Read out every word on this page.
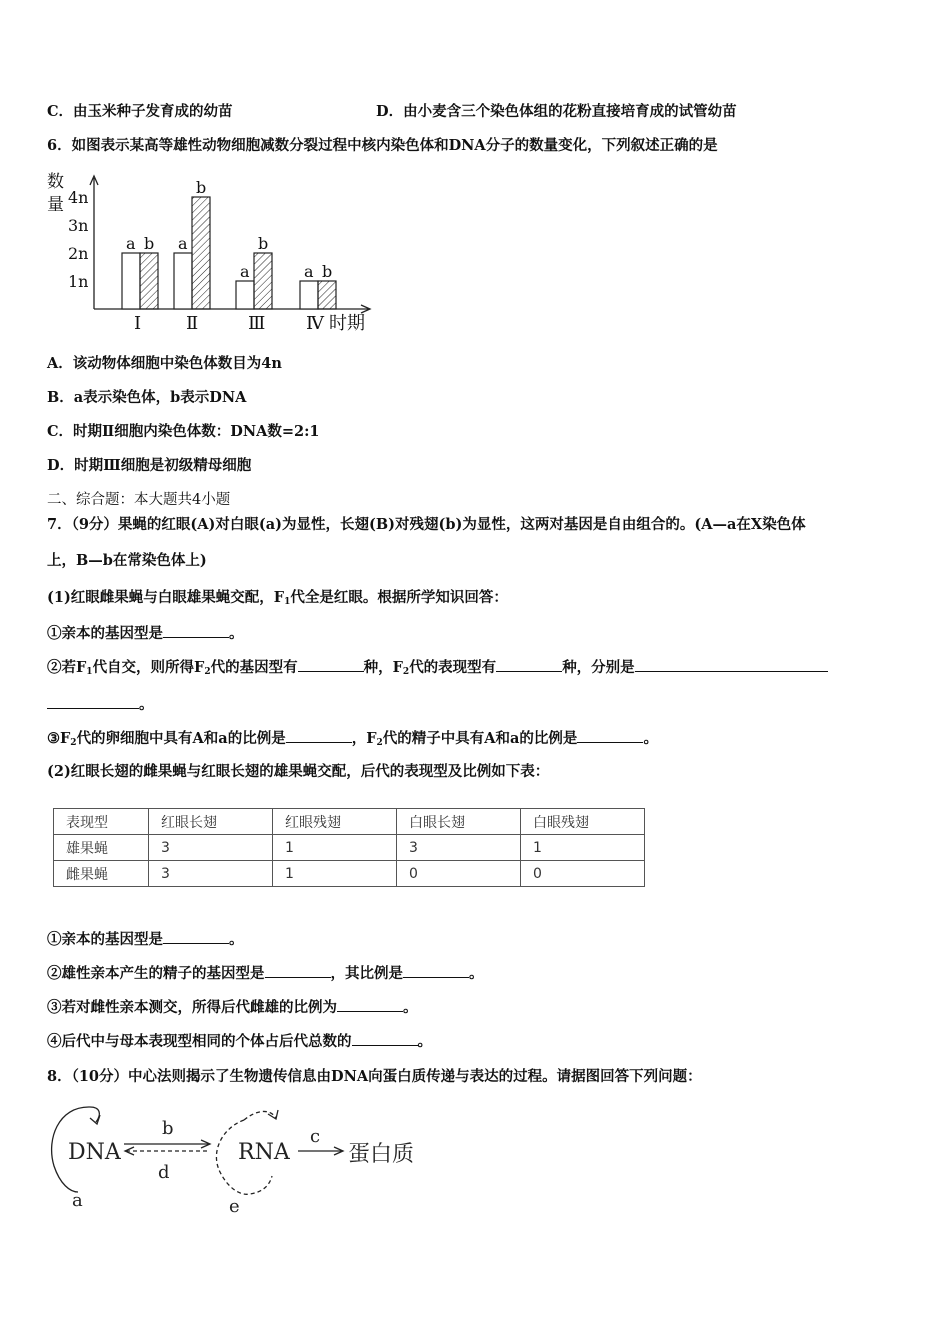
C．由玉米种子发育成的幼苗	D．由小麦含三个染色体组的花粉直接培育成的试管幼苗
6．如图表示某高等雄性动物细胞减数分裂过程中核内染色体和DNA分子的数量变化，下列叙述正确的是
数
量
1n
2n
3n
4n
a b
Ⅰ
a
b
Ⅱ
a
b
Ⅲ
a b
Ⅳ 时期
A．该动物体细胞中染色体数目为4n
B．a表示染色体，b表示DNA
C．时期Ⅱ细胞内染色体数：DNA数=2:1
D．时期Ⅲ细胞是初级精母细胞
二、综合题：本大题共4小题
7．（9分）果蝇的红眼(A)对白眼(a)为显性，长翅(B)对残翅(b)为显性，这两对基因是自由组合的。(A—a在X染色体
上，B—b在常染色体上)
(1)红眼雌果蝇与白眼雄果蝇交配，$F_1$代全是红眼。根据所学知识回答：
①亲本的基因型是	。
②若$F_1$代自交，则所得$F_2$代的基因型有	种，$F_2$代的表现型有	种，分别是
。
$③F_2$代的卵细胞中具有A和a的比例是	，$F_2$代的精子中具有A和a的比例是	。
(2)红眼长翅的雌果蝇与红眼长翅的雄果蝇交配，后代的表现型及比例如下表：
表现型	红眼长翅	红眼残翅	白眼长翅	白眼残翅
雄果蝇	3	1	3	1
雌果蝇	3	1	0	0
①亲本的基因型是	。
②雄性亲本产生的精子的基因型是	，其比例是	。
③若对雌性亲本测交，所得后代雌雄的比例为	。
④后代中与母本表现型相同的个体占后代总数的	。
8．（10分）中心法则揭示了生物遗传信息由DNA向蛋白质传递与表达的过程。请据图回答下列问题：
DNA	RNA	蛋白质
b
d
c
a	e
